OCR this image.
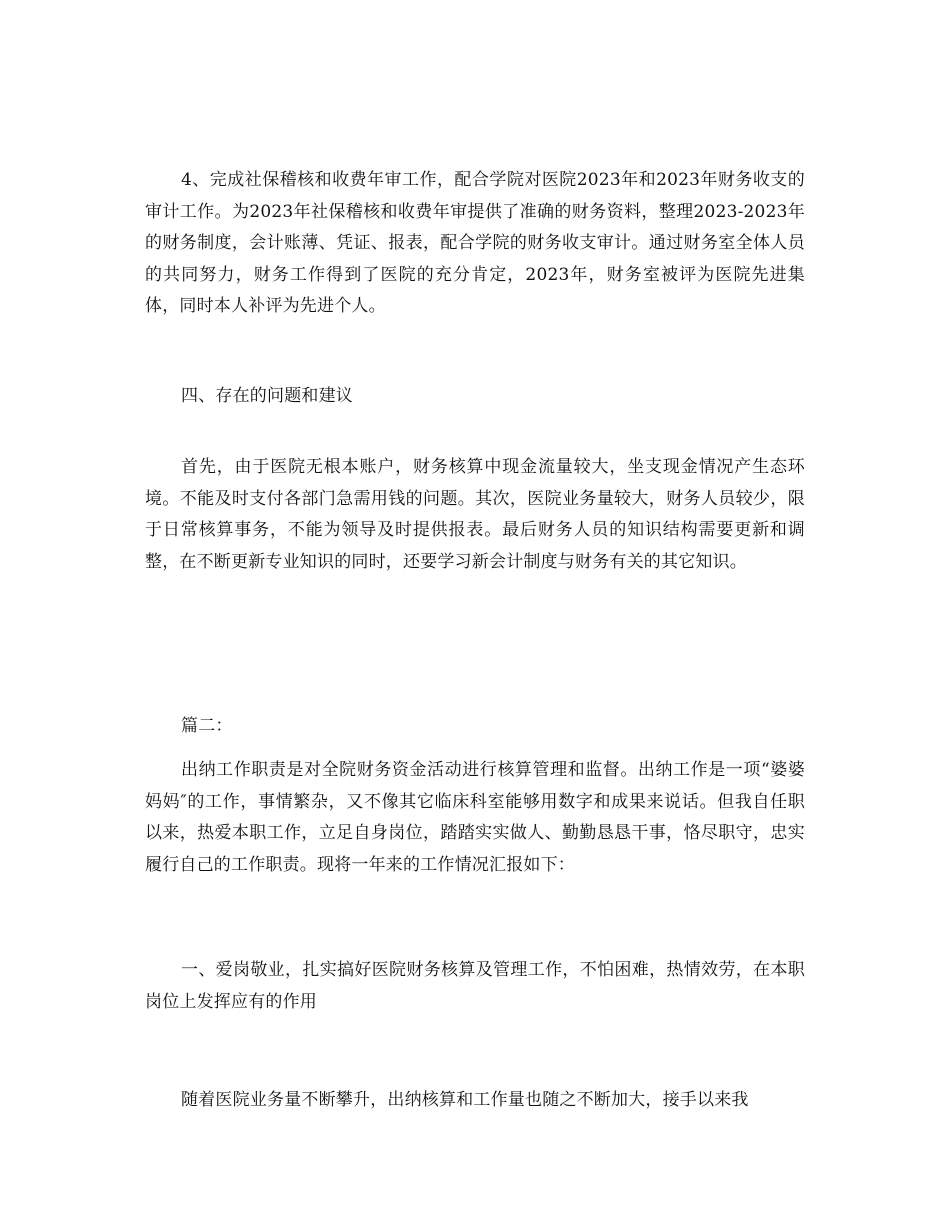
4、完成社保稽核和收费年审工作，配合学院对医院2023年和2023年财务收支的审计工作。为2023年社保稽核和收费年审提供了准确的财务资料，整理2023-2023年的财务制度，会计账薄、凭证、报表，配合学院的财务收支审计。通过财务室全体人员的共同努力，财务工作得到了医院的充分肯定，2023年，财务室被评为医院先进集体，同时本人补评为先进个人。

四、存在的问题和建议

首先，由于医院无根本账户，财务核算中现金流量较大，坐支现金情况产生态环境。不能及时支付各部门急需用钱的问题。其次，医院业务量较大，财务人员较少，限于日常核算事务，不能为领导及时提供报表。最后财务人员的知识结构需要更新和调整，在不断更新专业知识的同时，还要学习新会计制度与财务有关的其它知识。

篇二：

出纳工作职责是对全院财务资金活动进行核算管理和监督。出纳工作是一项“婆婆妈妈″的工作，事情繁杂，又不像其它临床科室能够用数字和成果来说话。但我自任职以来，热爱本职工作，立足自身岗位，踏踏实实做人、勤勤恳恳干事，恪尽职守，忠实履行自己的工作职责。现将一年来的工作情况汇报如下：

一、爱岗敬业，扎实搞好医院财务核算及管理工作，不怕困难，热情效劳，在本职岗位上发挥应有的作用

随着医院业务量不断攀升，出纳核算和工作量也随之不断加大，接手以来我
